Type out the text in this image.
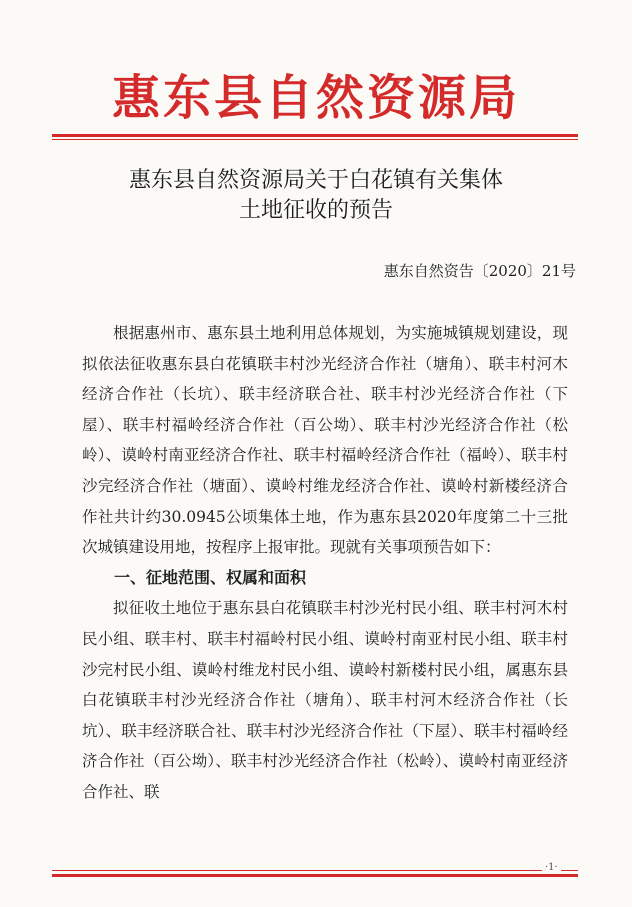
惠东县自然资源局
惠东县自然资源局关于白花镇有关集体
土地征收的预告
惠东自然资告〔2020〕21号

根据惠州市、惠东县土地利用总体规划，为实施城镇规划建设，现拟依法征收惠东县白花镇联丰村沙光经济合作社（塘角）、联丰村河木经济合作社（长坑）、联丰经济联合社、联丰村沙光经济合作社（下屋）、联丰村福岭经济合作社（百公坳）、联丰村沙光经济合作社（松岭）、谟岭村南亚经济合作社、联丰村福岭经济合作社（福岭）、联丰村沙完经济合作社（塘面）、谟岭村维龙经济合作社、谟岭村新楼经济合作社共计约30.0945公顷集体土地，作为惠东县2020年度第二十三批次城镇建设用地，按程序上报审批。现就有关事项预告如下：

一、征地范围、权属和面积

拟征收土地位于惠东县白花镇联丰村沙光村民小组、联丰村河木村民小组、联丰村、联丰村福岭村民小组、谟岭村南亚村民小组、联丰村沙完村民小组、谟岭村维龙村民小组、谟岭村新楼村民小组，属惠东县白花镇联丰村沙光经济合作社（塘角）、联丰村河木经济合作社（长坑）、联丰经济联合社、联丰村沙光经济合作社（下屋）、联丰村福岭经济合作社（百公坳）、联丰村沙光经济合作社（松岭）、谟岭村南亚经济合作社、联

·1·
